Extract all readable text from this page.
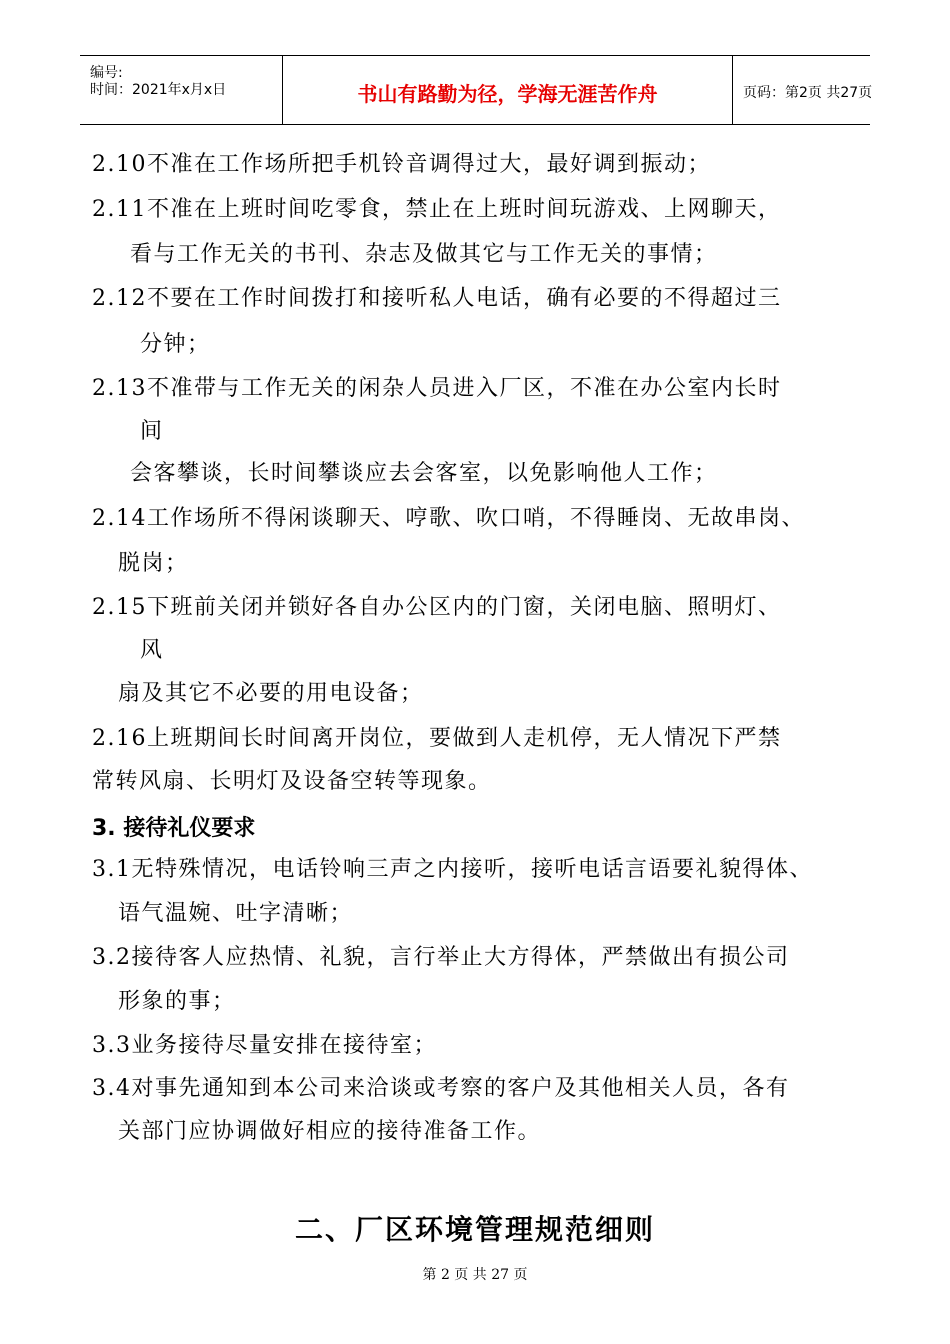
编号:
时间：2021年x月x日	书山有路勤为径，学海无涯苦作舟	页码：第2页 共27页
2.10不准在工作场所把手机铃音调得过大，最好调到振动；
2.11不准在上班时间吃零食，禁止在上班时间玩游戏、上网聊天，
看与工作无关的书刊、杂志及做其它与工作无关的事情；
2.12不要在工作时间拨打和接听私人电话，确有必要的不得超过三
分钟；
2.13不准带与工作无关的闲杂人员进入厂区，不准在办公室内长时
间
会客攀谈，长时间攀谈应去会客室，以免影响他人工作；
2.14工作场所不得闲谈聊天、哼歌、吹口哨，不得睡岗、无故串岗、
脱岗；
2.15下班前关闭并锁好各自办公区内的门窗，关闭电脑、照明灯、
风
扇及其它不必要的用电设备；
2.16上班期间长时间离开岗位，要做到人走机停，无人情况下严禁
常转风扇、长明灯及设备空转等现象。
3. 接待礼仪要求
3.1无特殊情况，电话铃响三声之内接听，接听电话言语要礼貌得体、
语气温婉、吐字清晰；
3.2接待客人应热情、礼貌，言行举止大方得体，严禁做出有损公司
形象的事；
3.3业务接待尽量安排在接待室；
3.4对事先通知到本公司来洽谈或考察的客户及其他相关人员，各有
关部门应协调做好相应的接待准备工作。
二、厂区环境管理规范细则
第 2 页 共 27 页
